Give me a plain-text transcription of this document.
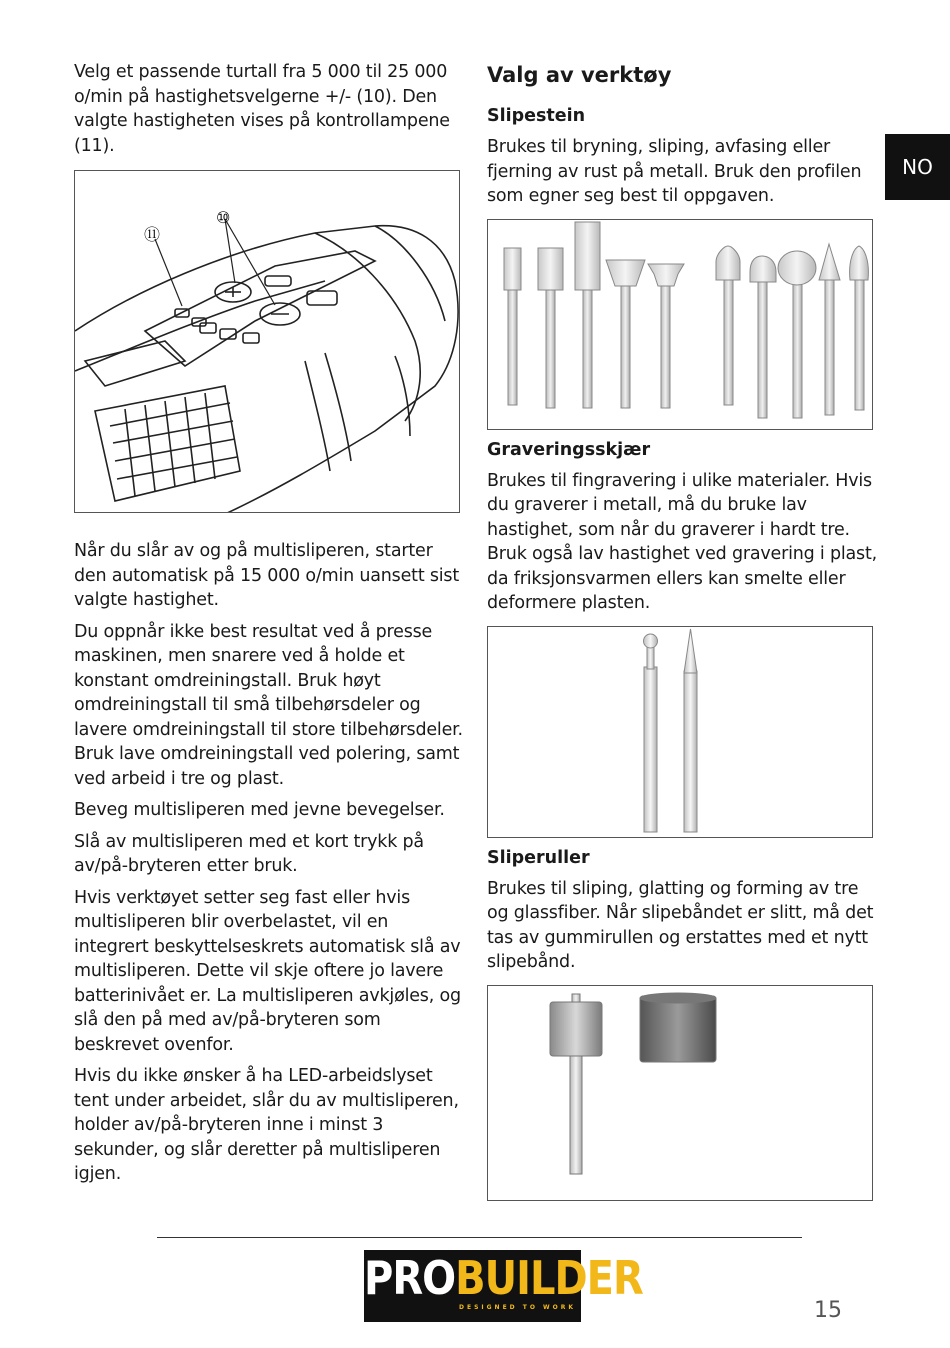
NO

Velg et passende turtall fra 5 000 til 25 000 o/min på hastighetsvelgerne +/- (10). Den valgte hastigheten vises på kontrollampene (11).

⑩
⑪

Når du slår av og på multisliperen, starter den automatisk på 15 000 o/min uansett sist valgte hastighet.

Du oppnår ikke best resultat ved å presse maskinen, men snarere ved å holde et konstant omdreiningstall. Bruk høyt omdreiningstall til små tilbehørsdeler og lavere omdreiningstall til store tilbehørsdeler. Bruk lave omdreiningstall ved polering, samt ved arbeid i tre og plast.

Beveg multisliperen med jevne bevegelser.

Slå av multisliperen med et kort trykk på av/på-bryteren etter bruk.

Hvis verktøyet setter seg fast eller hvis multisliperen blir overbelastet, vil en integrert beskyttelseskrets automatisk slå av multisliperen. Dette vil skje oftere jo lavere batterinivået er. La multisliperen avkjøles, og slå den på med av/på-bryteren som beskrevet ovenfor.

Hvis du ikke ønsker å ha LED-arbeidslyset tent under arbeidet, slår du av multisliperen, holder av/på-bryteren inne i minst 3 sekunder, og slår deretter på multisliperen igjen.

Valg av verktøy
Slipestein

Brukes til bryning, sliping, avfasing eller fjerning av rust på metall. Bruk den profilen som egner seg best til oppgaven.

Graveringsskjær

Brukes til fingravering i ulike materialer. Hvis du graverer i metall, må du bruke lav hastighet, som når du graverer i hardt tre. Bruk også lav hastighet ved gravering i plast, da friksjonsvarmen ellers kan smelte eller deformere plasten.

Sliperuller

Brukes til sliping, glatting og forming av tre og glassfiber. Når slipebåndet er slitt, må det tas av gummirullen og erstattes med et nytt slipebånd.

PROBUILDER
DESIGNED TO WORK	15
